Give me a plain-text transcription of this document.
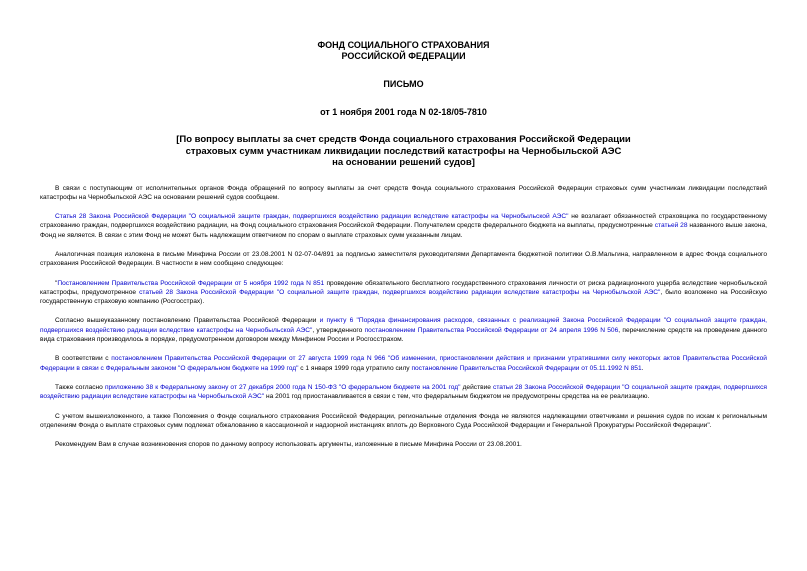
ФОНД СОЦИАЛЬНОГО СТРАХОВАНИЯ
РОССИЙСКОЙ ФЕДЕРАЦИИ
ПИСЬМО
от 1 ноября 2001 года N 02-18/05-7810
[По вопросу выплаты за счет средств Фонда социального страхования Российской Федерации
страховых сумм участникам ликвидации последствий катастрофы на Чернобыльской АЭС
на основании решений судов]

В связи с поступающим от исполнительных органов Фонда обращений по вопросу выплаты за счет средств Фонда социального страхования Российской Федерации страховых сумм участникам ликвидации последствий катастрофы на Чернобыльской АЭС на основании решений судов сообщаем.

Статья 28 Закона Российской Федерации "О социальной защите граждан, подвергшихся воздействию радиации вследствие катастрофы на Чернобыльской АЭС" не возлагает обязанностей страховщика по государственному страхованию граждан, подвергшихся воздействию радиации, на Фонд социального страхования Российской Федерации. Получателем средств федерального бюджета на выплаты, предусмотренные статьей 28 названного выше закона, Фонд не является. В связи с этим Фонд не может быть надлежащим ответчиком по спорам о выплате страховых сумм указанным лицам.

Аналогичная позиция изложена в письме Минфина России от 23.08.2001 N 02-07-04/891 за подписью заместителя руководителями Департамента бюджетной политики О.В.Мальгина, направленном в адрес Фонда социального страхования Российской Федерации. В частности в нем сообщено следующее:

"Постановлением Правительства Российской Федерации от 5 ноября 1992 года N 851 проведение обязательного бесплатного государственного страхования личности от риска радиационного ущерба вследствие чернобыльской катастрофы, предусмотренное статьей 28 Закона Российской Федерации "О социальной защите граждан, подвергшихся воздействию радиации вследствие катастрофы на Чернобыльской АЭС", было возложено на Российскую государственную страховую компанию (Росгосстрах).

Согласно вышеуказанному постановлению Правительства Российской Федерации и пункту 6 "Порядка финансирования расходов, связанных с реализацией Закона Российской Федерации "О социальной защите граждан, подвергшихся воздействию радиации вследствие катастрофы на Чернобыльской АЭС", утвержденного постановлением Правительства Российской Федерации от 24 апреля 1996 N 506, перечисление средств на проведение данного вида страхования производилось в порядке, предусмотренном договором между Минфином России и Росгосстрахом.

В соответствии с постановлением Правительства Российской Федерации от 27 августа 1999 года N 966 "Об изменении, приостановлении действия и признании утратившими силу некоторых актов Правительства Российской Федерации в связи с Федеральным законом "О федеральном бюджете на 1999 год" с 1 января 1999 года утратило силу постановление Правительства Российской Федерации от 05.11.1992 N 851.

Также согласно приложению 38 к Федеральному закону от 27 декабря 2000 года N 150-ФЗ "О федеральном бюджете на 2001 год" действие статьи 28 Закона Российской Федерации "О социальной защите граждан, подвергшихся воздействию радиации вследствие катастрофы на Чернобыльской АЭС" на 2001 год приостанавливается в связи с тем, что федеральным бюджетом не предусмотрены средства на ее реализацию.

С учетом вышеизложенного, а также Положения о Фонде социального страхования Российской Федерации, региональные отделения Фонда не являются надлежащими ответчиками и решения судов по искам к региональным отделениям Фонда о выплате страховых сумм подлежат обжалованию в кассационной и надзорной инстанциях вплоть до Верховного Суда Российской Федерации и Генеральной Прокуратуры Российской Федерации".

Рекомендуем Вам в случае возникновения споров по данному вопросу использовать аргументы, изложенные в письме Минфина России от 23.08.2001.
